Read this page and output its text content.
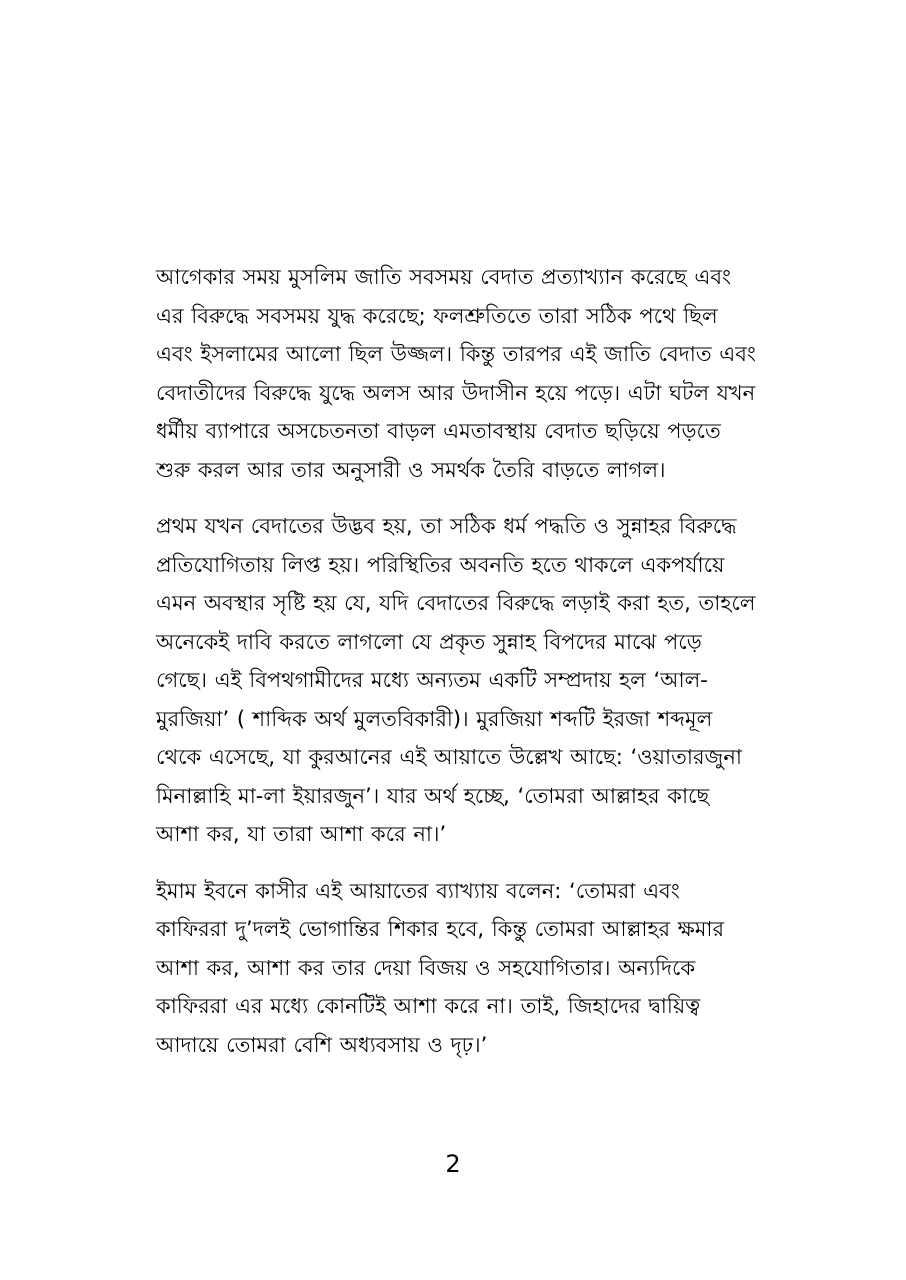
আগেকার সময় মুসলিম জাতি সবসময় বেদাত প্রত্যাখ্যান করেছে এবং এর বিরুদ্ধে সবসময় যুদ্ধ করেছে; ফলশ্রুতিতে তারা সঠিক পথে ছিল এবং ইসলামের আলো ছিল উজ্জল। কিন্তু তারপর এই জাতি বেদাত এবং বেদাতীদের বিরুদ্ধে যুদ্ধে অলস আর উদাসীন হয়ে পড়ে। এটা ঘটল যখন ধর্মীয় ব্যাপারে অসচেতনতা বাড়ল এমতাবস্থায় বেদাত ছড়িয়ে পড়তে শুরু করল আর তার অনুসারী ও সমর্থক তৈরি বাড়তে লাগল।

প্রথম যখন বেদাতের উদ্ভব হয়, তা সঠিক ধর্ম পদ্ধতি ও সুন্নাহর বিরুদ্ধে প্রতিযোগিতায় লিপ্ত হয়। পরিস্থিতির অবনতি হতে থাকলে একপর্যায়ে এমন অবস্থার সৃষ্টি হয় যে, যদি বেদাতের বিরুদ্ধে লড়াই করা হত, তাহলে অনেকেই দাবি করতে লাগলো যে প্রকৃত সুন্নাহ বিপদের মাঝে পড়ে গেছে। এই বিপথগামীদের মধ্যে অন্যতম একটি সম্প্রদায় হল ‘আল-মুরজিয়া’ ( শাব্দিক অর্থ মুলতবিকারী)। মুরজিয়া শব্দটি ইরজা শব্দমূল থেকে এসেছে, যা কুরআনের এই আয়াতে উল্লেখ আছে: ‘ওয়াতারজুনা মিনাল্লাহি মা-লা ইয়ারজুন’। যার অর্থ হচ্ছে, ‘তোমরা আল্লাহর কাছে আশা কর, যা তারা আশা করে না।’

ইমাম ইবনে কাসীর এই আয়াতের ব্যাখ্যায় বলেন: ‘তোমরা এবং কাফিররা দু’দলই ভোগান্তির শিকার হবে, কিন্তু তোমরা আল্লাহর ক্ষমার আশা কর, আশা কর তার দেয়া বিজয় ও সহযোগিতার। অন্যদিকে কাফিররা এর মধ্যে কোনটিই আশা করে না। তাই, জিহাদের দ্বায়িত্ব আদায়ে তোমরা বেশি অধ্যবসায় ও দৃঢ়।’

2
